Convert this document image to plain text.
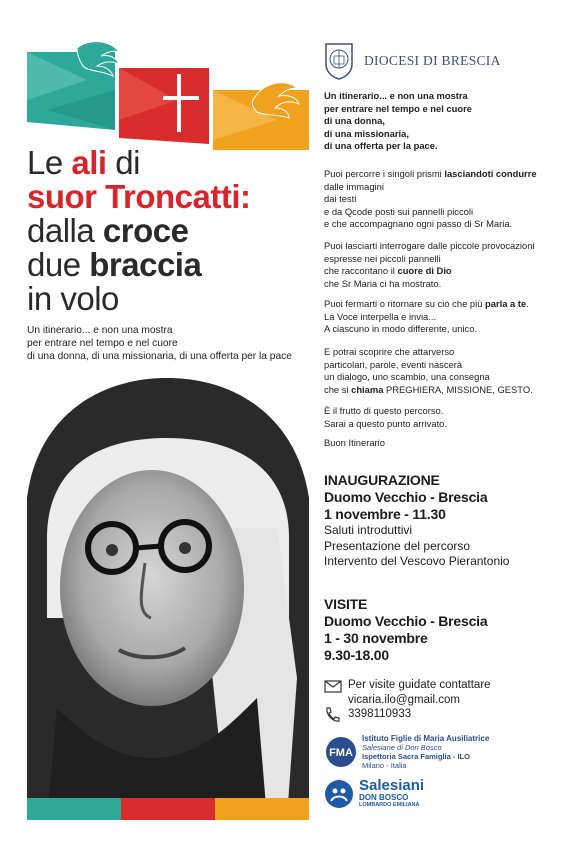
Le ali di
suor Troncatti:
dalla croce
due braccia
in volo
Un itinerario... e non una mostra
per entrare nel tempo e nel cuore
di una donna, di una missionaria, di una offerta per la pace
DIOCESI DI BRESCIA
Un itinerario... e non una mostra
per entrare nel tempo e nel cuore
di una donna,
di una missionaria,
di una offerta per la pace.
Puoi percorre i singoli prismi lasciandoti condurre
dalle immagini
dai testi
e da Qcode posti sui pannelli piccoli
e che accompagnano ogni passo di Sr Maria.
Puoi lasciarti interrogare dalle piccole provocazioni
espresse nei piccoli pannelli
che raccontano il cuore di Dio
che Sr Maria ci ha mostrato.
Puoi fermarti o ritornare su ciò che più parla a te.
La Voce interpella e invia...
A ciascuno in modo differente, unico.
E potrai scoprire che attarverso
particolari, parole, eventi nascerà
un dialogo, uno scambio, una consegna
che si chiama PREGHIERA, MISSIONE, GESTO.
È il frutto di questo percorso.
Sarai a questo punto arrivato.
Buon Itinerario
INAUGURAZIONE
Duomo Vecchio - Brescia
1 novembre - 11.30
Saluti introduttivi
Presentazione del percorso
Intervento del Vescovo Pierantonio
VISITE
Duomo Vecchio - Brescia
1 - 30 novembre
9.30-18.00
Per visite guidate contattare
vicaria.ilo@gmail.com
3398110933
FMA
Istituto Figlie di Maria Ausiliatrice
Salesiane di Don Bosco
Ispettoria Sacra Famiglia - ILO
Milano - Italia
Salesiani
DON BOSCO
LOMBARDO EMILIANA
